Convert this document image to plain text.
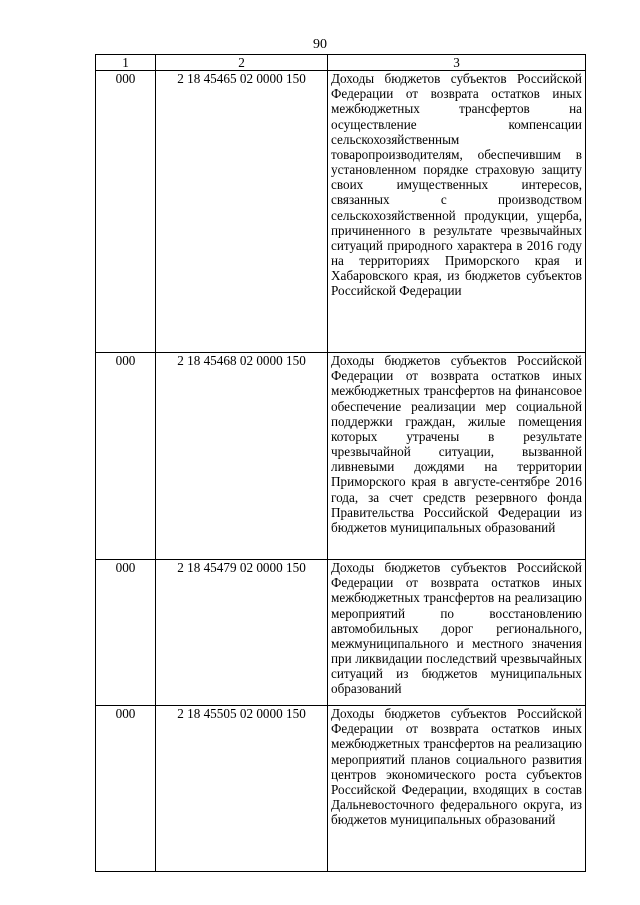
90
1	2	3
000	2 18 45465 02 0000 150	Доходы бюджетов субъектов Российской Федерации от возврата остатков иных межбюджетных трансфертов на осуществление компенсации сельскохозяйственным товаропроизводителям, обеспечившим в установленном порядке страховую защиту своих имущественных интересов, связанных с производством сельскохозяйственной продукции, ущерба, причиненного в результате чрезвычайных ситуаций природного характера в 2016 году на территориях Приморского края и Хабаровского края, из бюджетов субъектов Российской Федерации
000	2 18 45468 02 0000 150	Доходы бюджетов субъектов Российской Федерации от возврата остатков иных межбюджетных трансфертов на финансовое обеспечение реализации мер социальной поддержки граждан, жилые помещения которых утрачены в результате чрезвычайной ситуации, вызванной ливневыми дождями на территории Приморского края в августе-сентябре 2016 года, за счет средств резервного фонда Правительства Российской Федерации из бюджетов муниципальных образований
000	2 18 45479 02 0000 150	Доходы бюджетов субъектов Российской Федерации от возврата остатков иных межбюджетных трансфертов на реализацию мероприятий по восстановлению автомобильных дорог регионального, межмуниципального и местного значения при ликвидации последствий чрезвычайных ситуаций из бюджетов муниципальных образований
000	2 18 45505 02 0000 150	Доходы бюджетов субъектов Российской Федерации от возврата остатков иных межбюджетных трансфертов на реализацию мероприятий планов социального развития центров экономического роста субъектов Российской Федерации, входящих в состав Дальневосточного федерального округа, из бюджетов муниципальных образований
